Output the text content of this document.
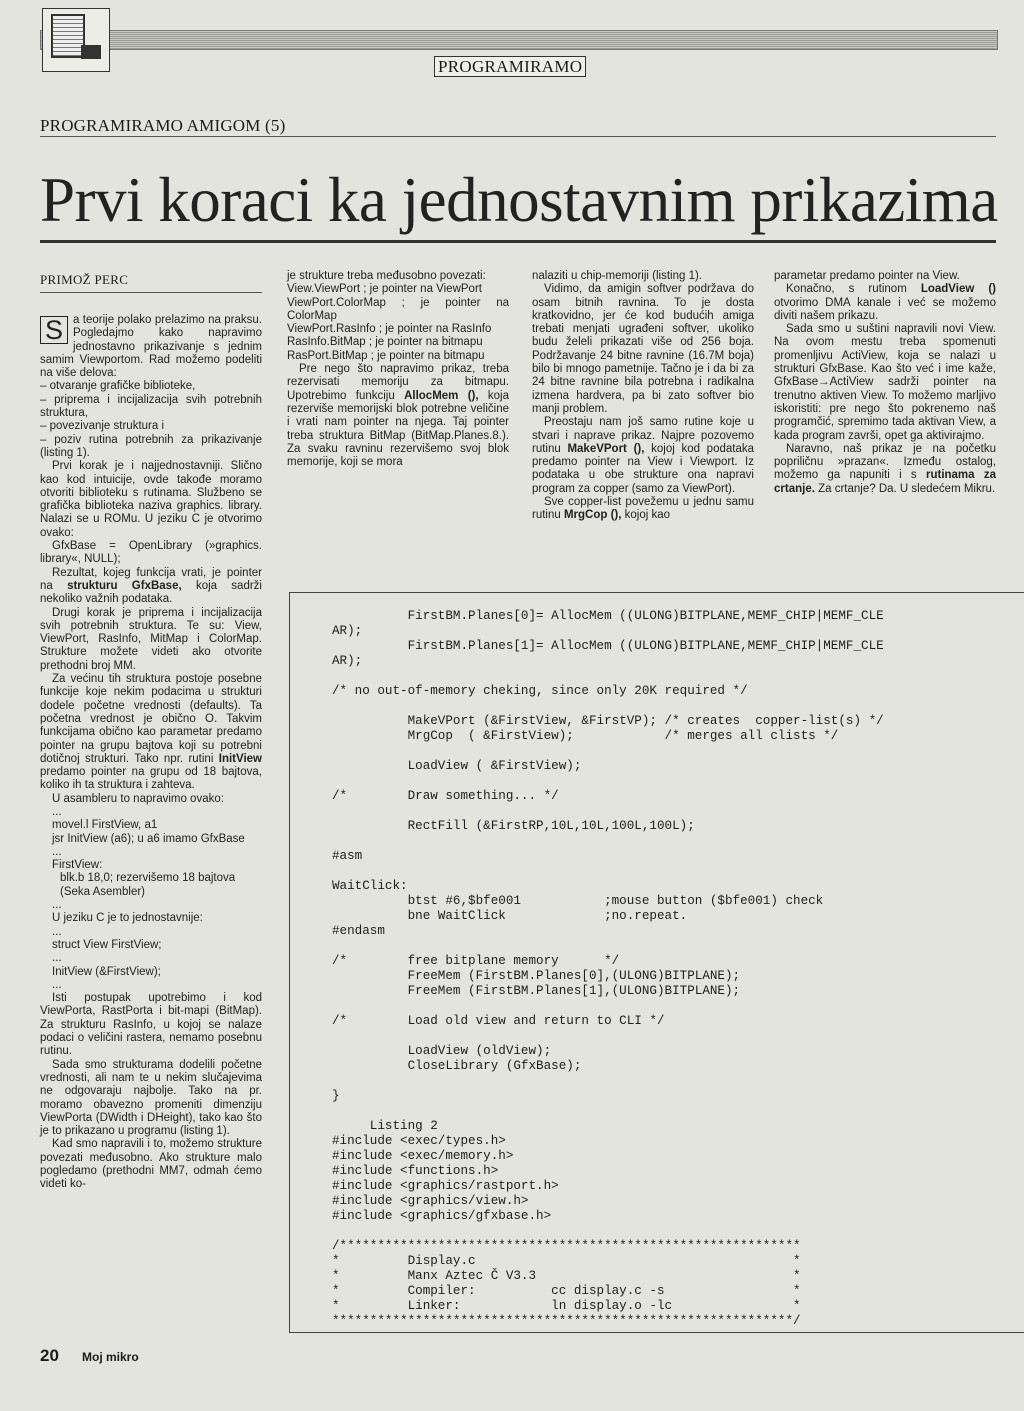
PROGRAMIRAMO
PROGRAMIRAMO AMIGOM (5)
Prvi koraci ka jednostavnim prikazima
PRIMOŽ PERC

S a teorije polako prelazimo na praksu. Pogledajmo kako napravimo jednostavno prikazivanje s jednim samim Viewportom. Rad možemo podeliti na više delova:

– otvaranje grafičke biblioteke,

– priprema i incijalizacija svih potrebnih struktura,

– povezivanje struktura i

– poziv rutina potrebnih za prikazivanje (listing 1).

Prvi korak je i najjednostavniji. Slično kao kod intuicije, ovde takođe moramo otvoriti biblioteku s rutinama. Službeno se grafička biblioteka naziva graphics. library. Nalazi se u ROMu. U jeziku C je otvorimo ovako:

GfxBase = OpenLibrary (»graphics. library«, NULL);

Rezultat, kojeg funkcija vrati, je pointer na strukturu GfxBase, koja sadrži nekoliko važnih podataka.

Drugi korak je priprema i incijalizacija svih potrebnih struktura. Te su: View, ViewPort, RasInfo, MitMap i ColorMap. Strukture možete videti ako otvorite prethodni broj MM.

Za većinu tih struktura postoje posebne funkcije koje nekim podacima u strukturi dodele početne vrednosti (defaults). Ta početna vrednost je obično O. Takvim funkcijama obično kao parametar predamo pointer na grupu bajtova koji su potrebni dotičnoj strukturi. Tako npr. rutini InitView predamo pointer na grupu od 18 bajtova, koliko ih ta struktura i zahteva.

U asambleru to napravimo ovako:

...

movel.l FirstView, a1

jsr InitView (a6); u a6 imamo GfxBase

...

FirstView:

blk.b 18,0; rezervišemo 18 bajtova (Seka Asembler)

...

U jeziku C je to jednostavnije:

...

struct View FirstView;

...

InitView (&FirstView);

...

Isti postupak upotrebimo i kod ViewPorta, RastPorta i bit-mapi (BitMap). Za strukturu RasInfo, u kojoj se nalaze podaci o veličini rastera, nemamo posebnu rutinu.

Sada smo strukturama dodelili početne vrednosti, ali nam te u nekim slučajevima ne odgovaraju najbolje. Tako na pr. moramo obavezno promeniti dimenziju ViewPorta (DWidth i DHeight), tako kao što je to prikazano u programu (listing 1).

Kad smo napravili i to, možemo strukture povezati međusobno. Ako strukture malo pogledamo (prethodni MM7, odmah ćemo videti ko-

je strukture treba međusobno povezati:

View.ViewPort ; je pointer na ViewPort

ViewPort.ColorMap ; je pointer na ColorMap

ViewPort.RasInfo ; je pointer na RasInfo

RasInfo.BitMap ; je pointer na bitmapu

RasPort.BitMap ; je pointer na bitmapu

Pre nego što napravimo prikaz, treba rezervisati memoriju za bitmapu. Upotrebimo funkciju AllocMem (), koja rezerviše memorijski blok potrebne veličine i vrati nam pointer na njega. Taj pointer treba struktura BitMap (BitMap.Planes.8.). Za svaku ravninu rezervišemo svoj blok memorije, koji se mora

nalaziti u chip-memoriji (listing 1).

Vidimo, da amigin softver podržava do osam bitnih ravnina. To je dosta kratkovidno, jer će kod budućih amiga trebati menjati ugrađeni softver, ukoliko budu želeli prikazati više od 256 boja. Podržavanje 24 bitne ravnine (16.7M boja) bilo bi mnogo pametnije. Tačno je i da bi za 24 bitne ravnine bila potrebna i radikalna izmena hardvera, pa bi zato softver bio manji problem.

Preostaju nam još samo rutine koje u stvari i naprave prikaz. Najpre pozovemo rutinu MakeVPort (), kojoj kod podataka predamo pointer na View i Viewport. Iz podataka u obe strukture ona napravi program za copper (samo za ViewPort).

Sve copper-list povežemu u jednu samu rutinu MrgCop (), kojoj kao

parametar predamo pointer na View.

Konačno, s rutinom LoadView () otvorimo DMA kanale i već se možemo diviti našem prikazu.

Sada smo u suštini napravili novi View. Na ovom mestu treba spomenuti promenljivu ActiView, koja se nalazi u strukturi GfxBase. Kao što već i ime kaže, GfxBase→ActiView sadrži pointer na trenutno aktiven View. To možemo marljivo iskoristiti: pre nego što pokrenemo naš programčić, spremimo tada aktivan View, a kada program završi, opet ga aktivirajmo.

Naravno, naš prikaz je na početku popriličnu »prazan«. Između ostalog, možemo ga napuniti i s rutinama za crtanje. Za crtanje? Da. U sledećem Mikru.

FirstBM.Planes[0]= AllocMem ((ULONG)BITPLANE,MEMF_CHIP|MEMF_CLE
AR);
FirstBM.Planes[1]= AllocMem ((ULONG)BITPLANE,MEMF_CHIP|MEMF_CLE
AR);

/* no out-of-memory cheking, since only 20K required */

MakeVPort (&FirstView, &FirstVP); /* creates  copper-list(s) */
MrgCop  ( &FirstView);            /* merges all clists */

LoadView ( &FirstView);

/*        Draw something... */

RectFill (&FirstRP,10L,10L,100L,100L);

#asm

WaitClick:
btst #6,$bfe001           ;mouse button ($bfe001) check
bne WaitClick             ;no.repeat.
#endasm

/*        free bitplane memory      */
FreeMem (FirstBM.Planes[0],(ULONG)BITPLANE);
FreeMem (FirstBM.Planes[1],(ULONG)BITPLANE);

/*        Load old view and return to CLI */

LoadView (oldView);
CloseLibrary (GfxBase);

}

Listing 2
#include <exec/types.h>
#include <exec/memory.h>
#include <functions.h>
#include <graphics/rastport.h>
#include <graphics/view.h>
#include <graphics/gfxbase.h>

/*************************************************************
*         Display.c                                          *
*         Manx Aztec Č V3.3                                  *
*         Compiler:          cc display.c -s                 *
*         Linker:            ln display.o -lc                *
*************************************************************/
20 Moj mikro
